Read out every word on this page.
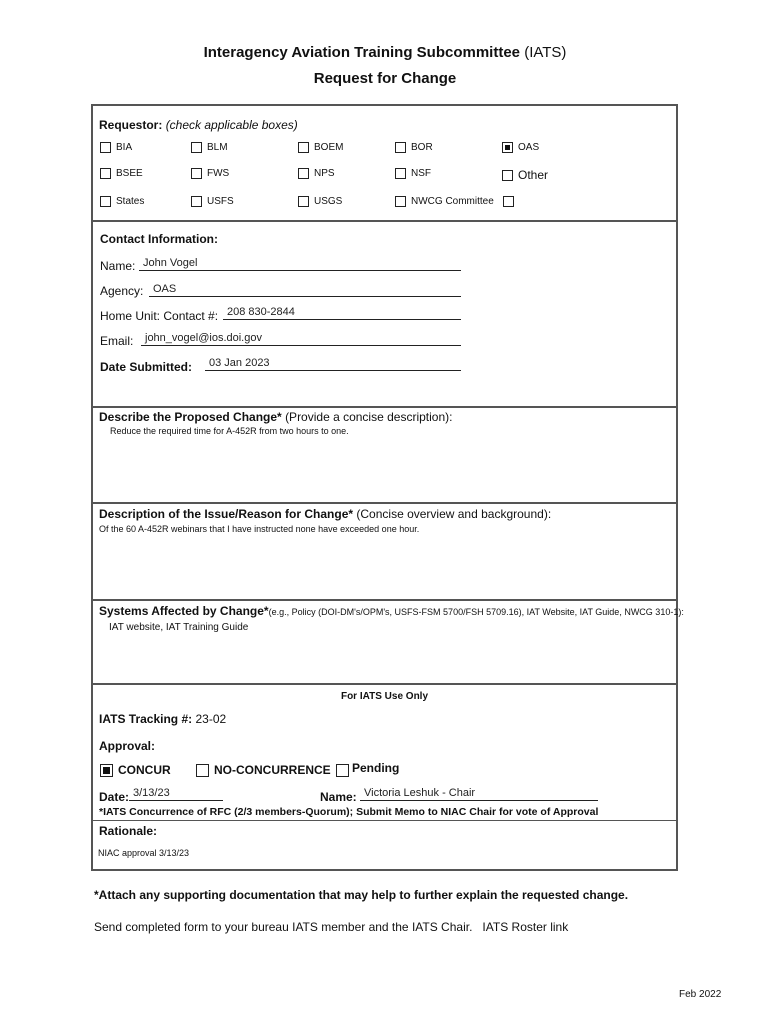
Interagency Aviation Training Subcommittee (IATS)
Request for Change
Requestor: (check applicable boxes)
BIA	BLM	BOEM	BOR	OAS
BSEE	FWS	NPS	NSF	Other
States	USFS	USGS	NWCG Committee
Contact Information:
Name: John Vogel
Agency: OAS
Home Unit: Contact #: 208 830-2844
Email:	john_vogel@ios.doi.gov
Date Submitted:	03 Jan 2023
Describe the Proposed Change* (Provide a concise description):
Reduce the required time for A-452R from two hours to one.
Description of the Issue/Reason for Change* (Concise overview and background):
Of the 60 A-452R webinars that I have instructed none have exceeded one hour.
Systems Affected by Change*(e.g., Policy (DOI-DM's/OPM's, USFS-FSM 5700/FSH 5709.16), IAT Website, IAT Guide, NWCG 310-1):
IAT website, IAT Training Guide
For IATS Use Only
IATS Tracking #: 23-02
Approval:
CONCUR	NO-CONCURRENCE Pending
Date: 3/13/23	Name: Victoria Leshuk - Chair
*IATS Concurrence of RFC (2/3 members-Quorum); Submit Memo to NIAC Chair for vote of Approval
Rationale:
NIAC approval 3/13/23
*Attach any supporting documentation that may help to further explain the requested change.
Send completed form to your bureau IATS member and the IATS Chair. IATS Roster link
Feb 2022
